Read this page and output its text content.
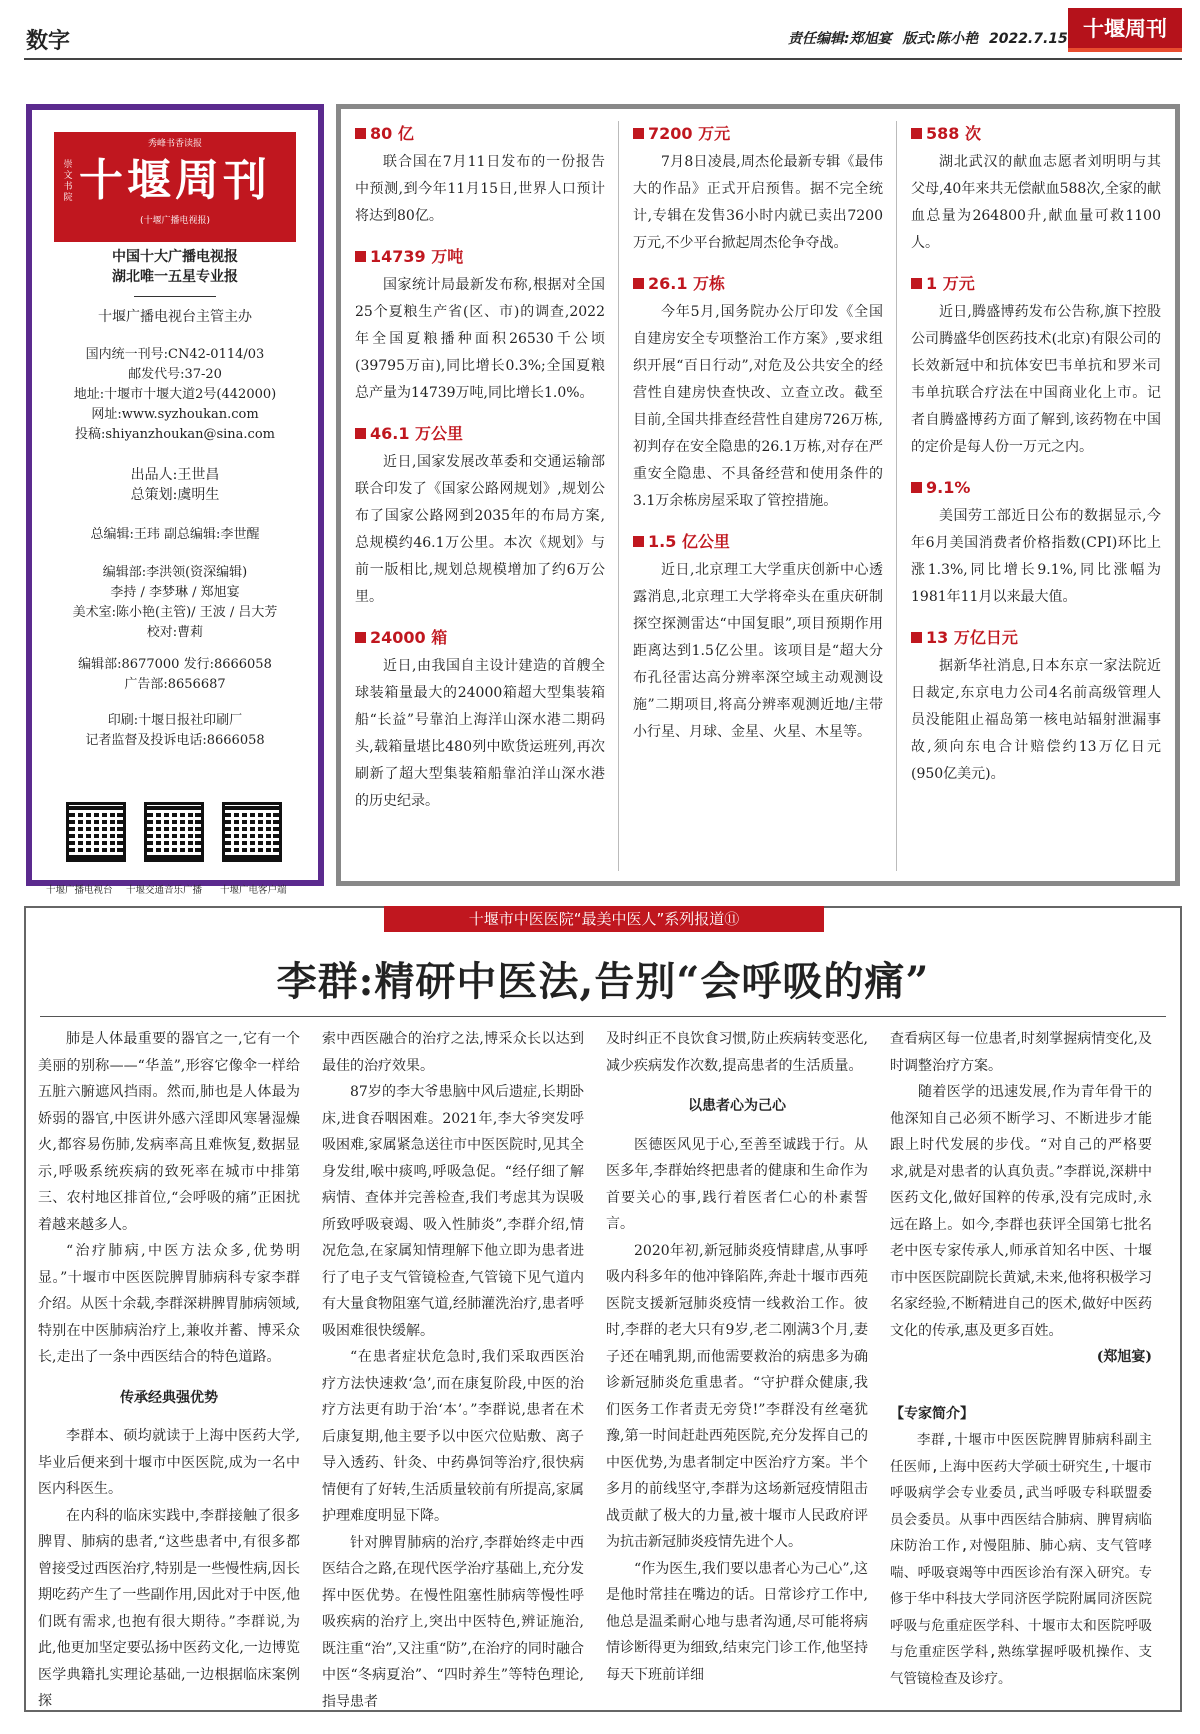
数字	责任编辑:郑旭宴 版式:陈小艳 2022.7.15 十堰周刊
秀峰书香读报
崇文书院 十堰周刊
(十堰广播电视报)
中国十大广播电视报
湖北唯一五星专业报
十堰广播电视台主管主办
国内统一刊号:CN42-0114/03
邮发代号:37-20
地址:十堰市十堰大道2号(442000)
网址:www.syzhoukan.com
投稿:shiyanzhoukan@sina.com
出品人:王世昌
总策划:虞明生
总编辑:王玮 副总编辑:李世醒
编辑部:李洪领(资深编辑)
李持 / 李梦琳 / 郑旭宴
美术室:陈小艳(主管)/ 王波 / 吕大芳
校对:曹莉
编辑部:8677000 发行:8666058
广告部:8656687
印刷:十堰日报社印刷厂
记者监督及投诉电话:8666058
十堰广播电视台 十堰交通音乐广播 十堰广电客户端
80 亿

联合国在7月11日发布的一份报告中预测,到今年11月15日,世界人口预计将达到80亿。

14739 万吨

国家统计局最新发布称,根据对全国25个夏粮生产省(区、市)的调查,2022年全国夏粮播种面积26530千公顷(39795万亩),同比增长0.3%;全国夏粮总产量为14739万吨,同比增长1.0%。

46.1 万公里

近日,国家发展改革委和交通运输部联合印发了《国家公路网规划》,规划公布了国家公路网到2035年的布局方案,总规模约46.1万公里。本次《规划》与前一版相比,规划总规模增加了约6万公里。

24000 箱

近日,由我国自主设计建造的首艘全球装箱量最大的24000箱超大型集装箱船“长益”号靠泊上海洋山深水港二期码头,载箱量堪比480列中欧货运班列,再次刷新了超大型集装箱船靠泊洋山深水港的历史纪录。

7200 万元

7月8日凌晨,周杰伦最新专辑《最伟大的作品》正式开启预售。据不完全统计,专辑在发售36小时内就已卖出7200万元,不少平台掀起周杰伦争夺战。

26.1 万栋

今年5月,国务院办公厅印发《全国自建房安全专项整治工作方案》,要求组织开展“百日行动”,对危及公共安全的经营性自建房快查快改、立查立改。截至目前,全国共排查经营性自建房726万栋,初判存在安全隐患的26.1万栋,对存在严重安全隐患、不具备经营和使用条件的3.1万余栋房屋采取了管控措施。

1.5 亿公里

近日,北京理工大学重庆创新中心透露消息,北京理工大学将牵头在重庆研制探空探测雷达“中国复眼”,项目预期作用距离达到1.5亿公里。该项目是“超大分布孔径雷达高分辨率深空域主动观测设施”二期项目,将高分辨率观测近地/主带小行星、月球、金星、火星、木星等。

588 次

湖北武汉的献血志愿者刘明明与其父母,40年来共无偿献血588次,全家的献血总量为264800升,献血量可救1100人。

1 万元

近日,腾盛博药发布公告称,旗下控股公司腾盛华创医药技术(北京)有限公司的长效新冠中和抗体安巴韦单抗和罗米司韦单抗联合疗法在中国商业化上市。记者自腾盛博药方面了解到,该药物在中国的定价是每人份一万元之内。

9.1%

美国劳工部近日公布的数据显示,今年6月美国消费者价格指数(CPI)环比上涨1.3%,同比增长9.1%,同比涨幅为1981年11月以来最大值。

13 万亿日元

据新华社消息,日本东京一家法院近日裁定,东京电力公司4名前高级管理人员没能阻止福岛第一核电站辐射泄漏事故,须向东电合计赔偿约13万亿日元(950亿美元)。

十堰市中医医院“最美中医人”系列报道⑪
李群:精研中医法,告别“会呼吸的痛”

肺是人体最重要的器官之一,它有一个美丽的别称——“华盖”,形容它像伞一样给五脏六腑遮风挡雨。然而,肺也是人体最为娇弱的器官,中医讲外感六淫即风寒暑湿燥火,都容易伤肺,发病率高且难恢复,数据显示,呼吸系统疾病的致死率在城市中排第三、农村地区排首位,“会呼吸的痛”正困扰着越来越多人。

“治疗肺病,中医方法众多,优势明显。”十堰市中医医院脾胃肺病科专家李群介绍。从医十余载,李群深耕脾胃肺病领域,特别在中医肺病治疗上,兼收并蓄、博采众长,走出了一条中西医结合的特色道路。

传承经典强优势

李群本、硕均就读于上海中医药大学,毕业后便来到十堰市中医医院,成为一名中医内科医生。

在内科的临床实践中,李群接触了很多脾胃、肺病的患者,“这些患者中,有很多都曾接受过西医治疗,特别是一些慢性病,因长期吃药产生了一些副作用,因此对于中医,他们既有需求,也抱有很大期待。”李群说,为此,他更加坚定要弘扬中医药文化,一边博览医学典籍扎实理论基础,一边根据临床案例探

索中西医融合的治疗之法,博采众长以达到最佳的治疗效果。

87岁的李大爷患脑中风后遗症,长期卧床,进食吞咽困难。2021年,李大爷突发呼吸困难,家属紧急送往市中医医院时,见其全身发绀,喉中痰鸣,呼吸急促。“经仔细了解病情、查体并完善检查,我们考虑其为误吸所致呼吸衰竭、吸入性肺炎”,李群介绍,情况危急,在家属知情理解下他立即为患者进行了电子支气管镜检查,气管镜下见气道内有大量食物阻塞气道,经肺灌洗治疗,患者呼吸困难很快缓解。

“在患者症状危急时,我们采取西医治疗方法快速救‘急’,而在康复阶段,中医的治疗方法更有助于治‘本’。”李群说,患者在术后康复期,他主要予以中医穴位贴敷、离子导入透药、针灸、中药鼻饲等治疗,很快病情便有了好转,生活质量较前有所提高,家属护理难度明显下降。

针对脾胃肺病的治疗,李群始终走中西医结合之路,在现代医学治疗基础上,充分发挥中医优势。在慢性阻塞性肺病等慢性呼吸疾病的治疗上,突出中医特色,辨证施治,既注重“治”,又注重“防”,在治疗的同时融合中医“冬病夏治”、“四时养生”等特色理论,指导患者

及时纠正不良饮食习惯,防止疾病转变恶化,减少疾病发作次数,提高患者的生活质量。

以患者心为己心

医德医风见于心,至善至诚践于行。从医多年,李群始终把患者的健康和生命作为首要关心的事,践行着医者仁心的朴素誓言。

2020年初,新冠肺炎疫情肆虐,从事呼吸内科多年的他冲锋陷阵,奔赴十堰市西苑医院支援新冠肺炎疫情一线救治工作。彼时,李群的老大只有9岁,老二刚满3个月,妻子还在哺乳期,而他需要救治的病患多为确诊新冠肺炎危重患者。“守护群众健康,我们医务工作者责无旁贷!”李群没有丝毫犹豫,第一时间赶赴西苑医院,充分发挥自己的中医优势,为患者制定中医治疗方案。半个多月的前线坚守,李群为这场新冠疫情阻击战贡献了极大的力量,被十堰市人民政府评为抗击新冠肺炎疫情先进个人。

“作为医生,我们要以患者心为己心”,这是他时常挂在嘴边的话。日常诊疗工作中,他总是温柔耐心地与患者沟通,尽可能将病情诊断得更为细致,结束完门诊工作,他坚持每天下班前详细

查看病区每一位患者,时刻掌握病情变化,及时调整治疗方案。

随着医学的迅速发展,作为青年骨干的他深知自己必须不断学习、不断进步才能跟上时代发展的步伐。“对自己的严格要求,就是对患者的认真负责。”李群说,深耕中医药文化,做好国粹的传承,没有完成时,永远在路上。如今,李群也获评全国第七批名老中医专家传承人,师承首知名中医、十堰市中医医院副院长黄斌,未来,他将积极学习名家经验,不断精进自己的医术,做好中医药文化的传承,惠及更多百姓。

(郑旭宴)

【专家简介】

李群,十堰市中医医院脾胃肺病科副主任医师,上海中医药大学硕士研究生,十堰市呼吸病学会专业委员,武当呼吸专科联盟委员会委员。从事中西医结合肺病、脾胃病临床防治工作,对慢阻肺、肺心病、支气管哮喘、呼吸衰竭等中西医诊治有深入研究。专修于华中科技大学同济医学院附属同济医院呼吸与危重症医学科、十堰市太和医院呼吸与危重症医学科,熟练掌握呼吸机操作、支气管镜检查及诊疗。
